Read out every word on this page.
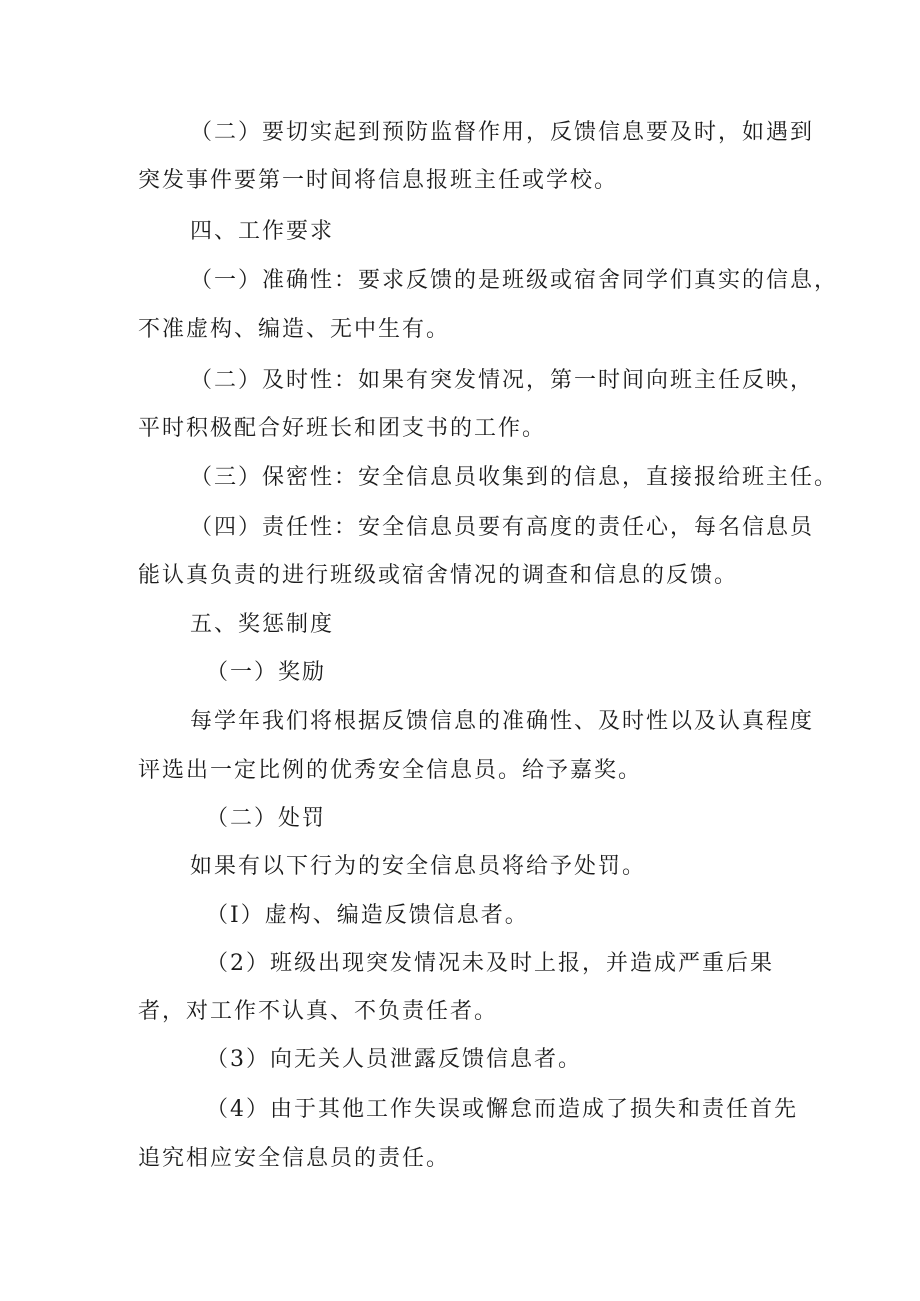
（二）要切实起到预防监督作用，反馈信息要及时，如遇到
突发事件要第一时间将信息报班主任或学校。
四、工作要求
（一）准确性：要求反馈的是班级或宿舍同学们真实的信息，
不准虚构、编造、无中生有。
（二）及时性：如果有突发情况，第一时间向班主任反映，
平时积极配合好班长和团支书的工作。
（三）保密性：安全信息员收集到的信息，直接报给班主任。
（四）责任性：安全信息员要有高度的责任心，每名信息员
能认真负责的进行班级或宿舍情况的调查和信息的反馈。
五、奖惩制度
（一）奖励
每学年我们将根据反馈信息的准确性、及时性以及认真程度
评选出一定比例的优秀安全信息员。给予嘉奖。
（二）处罚
如果有以下行为的安全信息员将给予处罚。
（I）虚构、编造反馈信息者。
（2）班级出现突发情况未及时上报，并造成严重后果
者，对工作不认真、不负责任者。
（3）向无关人员泄露反馈信息者。
（4）由于其他工作失误或懈怠而造成了损失和责任首先
追究相应安全信息员的责任。
